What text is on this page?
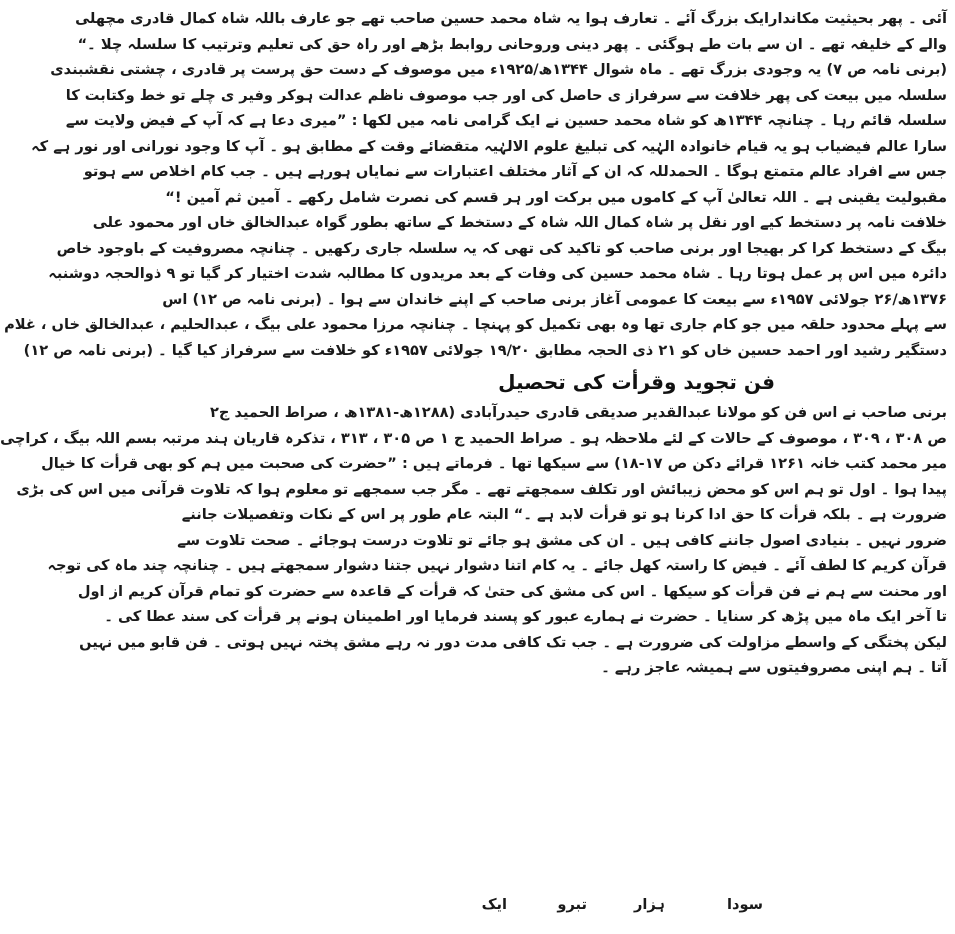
آئی ۔ پھر بحیثیت مکاندارایک بزرگ آئے ۔ تعارف ہوا یہ شاہ محمد حسین صاحب تھے جو عارف باللہ شاہ کمال قادری مچھلی
والے کے خلیفہ تھے ۔ ان سے بات طے ہوگئی ۔ پھر دینی وروحانی روابط بڑھے اور راہ حق کی تعلیم وترتیب کا سلسلہ چلا ۔“
(برنی نامہ ص ۷) یہ وجودی بزرگ تھے ۔ ماہ شوال ۱۳۴۴ھ/۱۹۲۵ء میں موصوف کے دست حق پرست پر قادری ، چشتی نقشبندی
سلسلہ میں بیعت کی پھر خلافت سے سرفراز ی حاصل کی اور جب موصوف ناظم عدالت ہوکر وفیر ی چلے تو خط وکتابت کا
سلسلہ قائم رہا ۔ چنانچہ ۱۳۴۴ھ کو شاہ محمد حسین نے ایک گرامی نامہ میں لکھا : ”میری دعا ہے کہ آپ کے فیض ولایت سے
سارا عالم فیضیاب ہو یہ قیام خانوادہ الہٰیہ کی تبلیغ علوم الالہٰیہ متقضائے وقت کے مطابق ہو ۔ آپ کا وجود نورانی اور نور ہے کہ
جس سے افراد عالم متمتع ہوگا ۔ الحمدللہ کہ ان کے آثار مختلف اعتبارات سے نمایاں ہورہے ہیں ۔ جب کام اخلاص سے ہوتو
مقبولیت یقینی ہے ۔ اللہ تعالیٰ آپ کے کاموں میں برکت اور ہر قسم کی نصرت شامل رکھے ۔ آمین ثم آمین !“
خلافت نامہ پر دستخط کیے اور نقل پر شاہ کمال اللہ شاہ کے دستخط کے ساتھ بطور گواہ عبدالخالق خاں اور محمود علی
بیگ کے دستخط کرا کر بھیجا اور برنی صاحب کو تاکید کی تھی کہ یہ سلسلہ جاری رکھیں ۔ چنانچہ مصروفیت کے باوجود خاص
دائرہ میں اس پر عمل ہوتا رہا ۔ شاہ محمد حسین کی وفات کے بعد مریدوں کا مطالبہ شدت اختیار کر گیا تو ۹ ذوالحجہ دوشنبہ
۱۳۷۶ھ/۲۶ جولائی ۱۹۵۷ء سے بیعت کا عمومی آغاز برنی صاحب کے اپنے خاندان سے ہوا ۔ (برنی نامہ ص ۱۲) اس
سے پہلے محدود حلقہ میں جو کام جاری تھا وہ بھی تکمیل کو پہنچا ۔ چنانچہ مرزا محمود علی بیگ ، عبدالحلیم ، عبدالخالق خاں ، غلام
دستگیر رشید اور احمد حسین خاں کو ۲۱ ذی الحجہ مطابق ۱۹/۲۰ جولائی ۱۹۵۷ء کو خلافت سے سرفراز کیا گیا ۔ (برنی نامہ ص ۱۲)
فن تجوید وقرأت کی تحصیل
برنی صاحب نے اس فن کو مولانا عبدالقدیر صدیقی قادری حیدرآبادی (۱۲۸۸ھ-۱۳۸۱ھ ، صراط الحمید ج۲
ص ۳۰۸ ، ۳۰۹ ، موصوف کے حالات کے لئے ملاحظہ ہو ۔ صراط الحمید ج ۱ ص ۳۰۵ ، ۳۱۳ ، تذکرہ قاریان ہند مرتبہ بسم اللہ بیگ ، کراچی
میر محمد کتب خانہ ۱۲۶۱ قرائے دکن ص ۱۷-۱۸) سے سیکھا تھا ۔ فرماتے ہیں : ”حضرت کی صحبت میں ہم کو بھی قرأت کا خیال
پیدا ہوا ۔ اول تو ہم اس کو محض زیبائش اور تکلف سمجھتے تھے ۔ مگر جب سمجھے تو معلوم ہوا کہ تلاوت قرآنی میں اس کی بڑی
ضرورت ہے ۔ بلکہ قرأت کا حق ادا کرنا ہو تو قرأت لابد ہے ۔“ البتہ عام طور پر اس کے نکات وتفصیلات جاننے
ضرور نہیں ۔ بنیادی اصول جاننے کافی ہیں ۔ ان کی مشق ہو جائے تو تلاوت درست ہوجائے ۔ صحت تلاوت سے
قرآن کریم کا لطف آئے ۔ فیض کا راستہ کھل جائے ۔ یہ کام اتنا دشوار نہیں جتنا دشوار سمجھتے ہیں ۔ چنانچہ چند ماہ کی توجہ
اور محنت سے ہم نے فن قرأت کو سیکھا ۔ اس کی مشق کی حتیٰ کہ قرأت کے قاعدہ سے حضرت کو تمام قرآن کریم از اول
تا آخر ایک ماہ میں پڑھ کر سنایا ۔ حضرت نے ہمارے عبور کو پسند فرمایا اور اطمینان ہونے پر قرأت کی سند عطا کی ۔
لیکن پختگی کے واسطے مزاولت کی ضرورت ہے ۔ جب تک کافی مدت دور نہ رہے مشق پختہ نہیں ہوتی ۔ فن قابو میں نہیں
آتا ۔ ہم اپنی مصروفیتوں سے ہمیشہ عاجز رہے ۔
ایک	تبرو	ہزار	سودا
